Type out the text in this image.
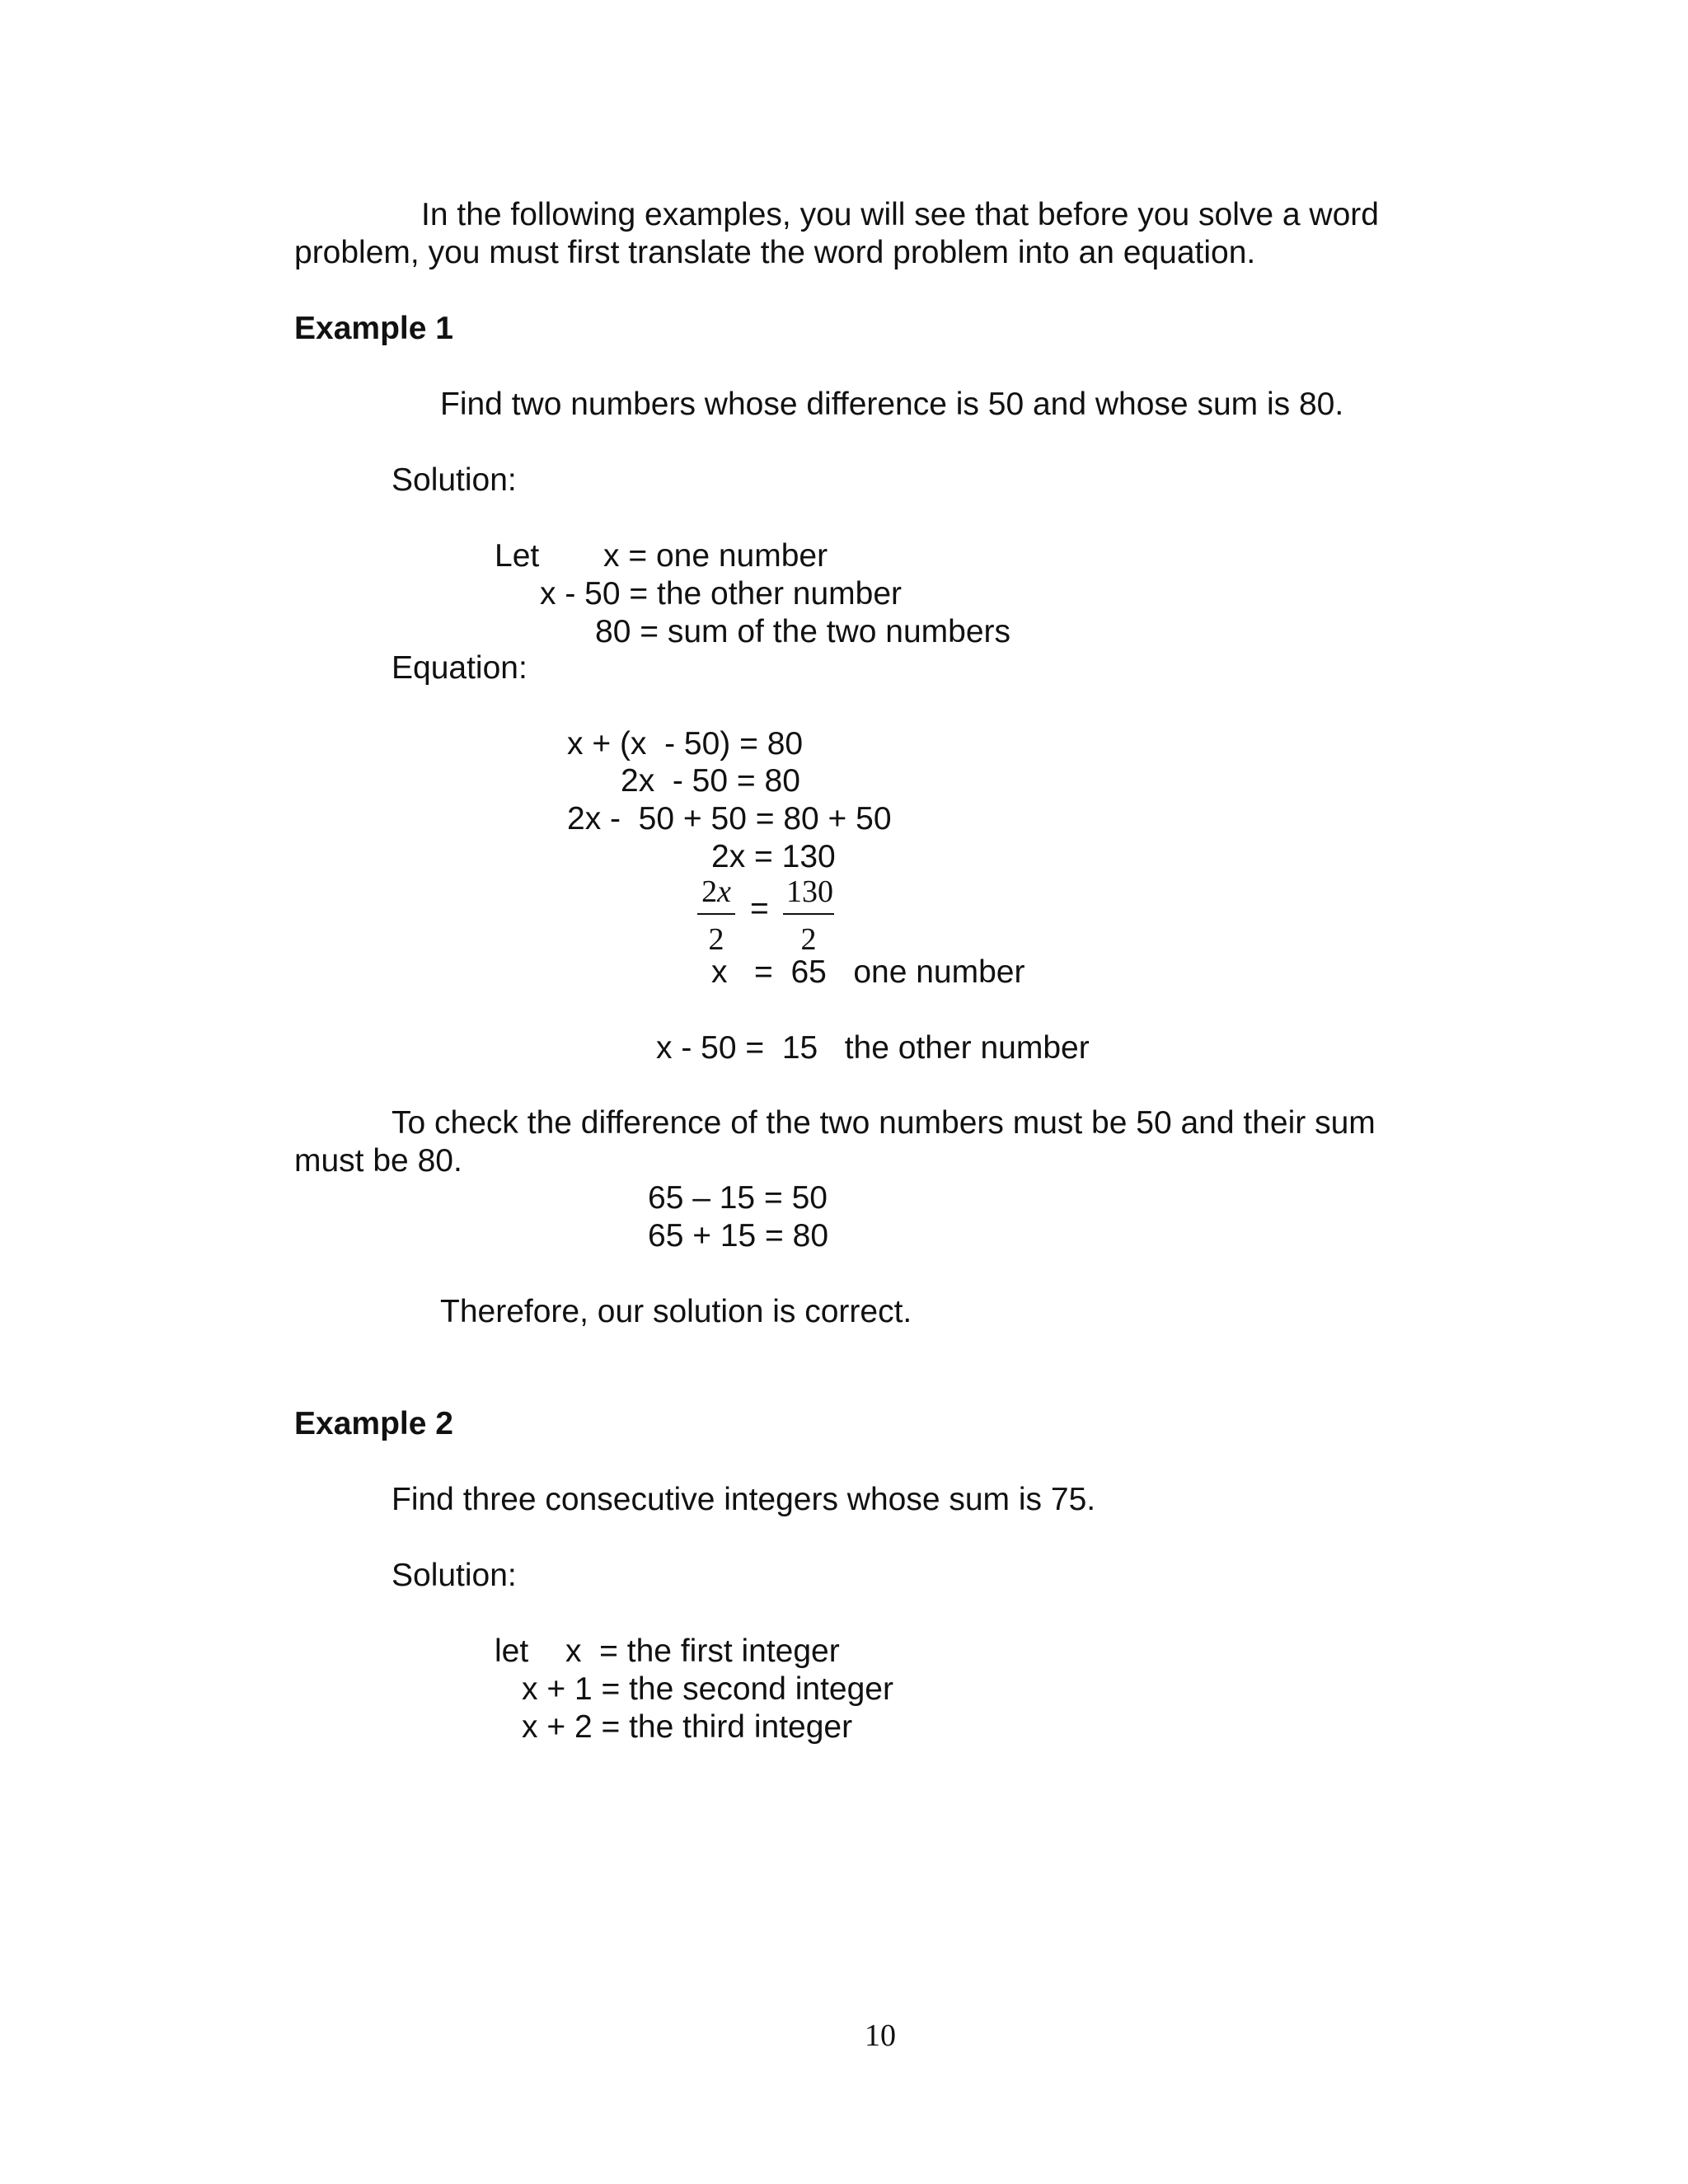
In the following examples, you will see that before you solve a word
problem, you must first translate the word problem into an equation.
Example 1
Find two numbers whose difference is 50 and whose sum is 80.
Solution:
Let x = one number
x - 50 = the other number
80 = sum of the two numbers
Equation:
x + (x  - 50) = 80
2x  - 50 = 80
2x -  50 + 50 = 80 + 50
2x = 130
$\frac{2x}{2} = \frac{130}{2}$
x   =  65   one number
x - 50 =  15   the other number
To check the difference of the two numbers must be 50 and their sum
must be 80.
65 – 15 = 50
65 + 15 = 80
Therefore, our solution is correct.
Example 2
Find three consecutive integers whose sum is 75.
Solution:
let x  = the first integer
x + 1 = the second integer
x + 2 = the third integer
10
